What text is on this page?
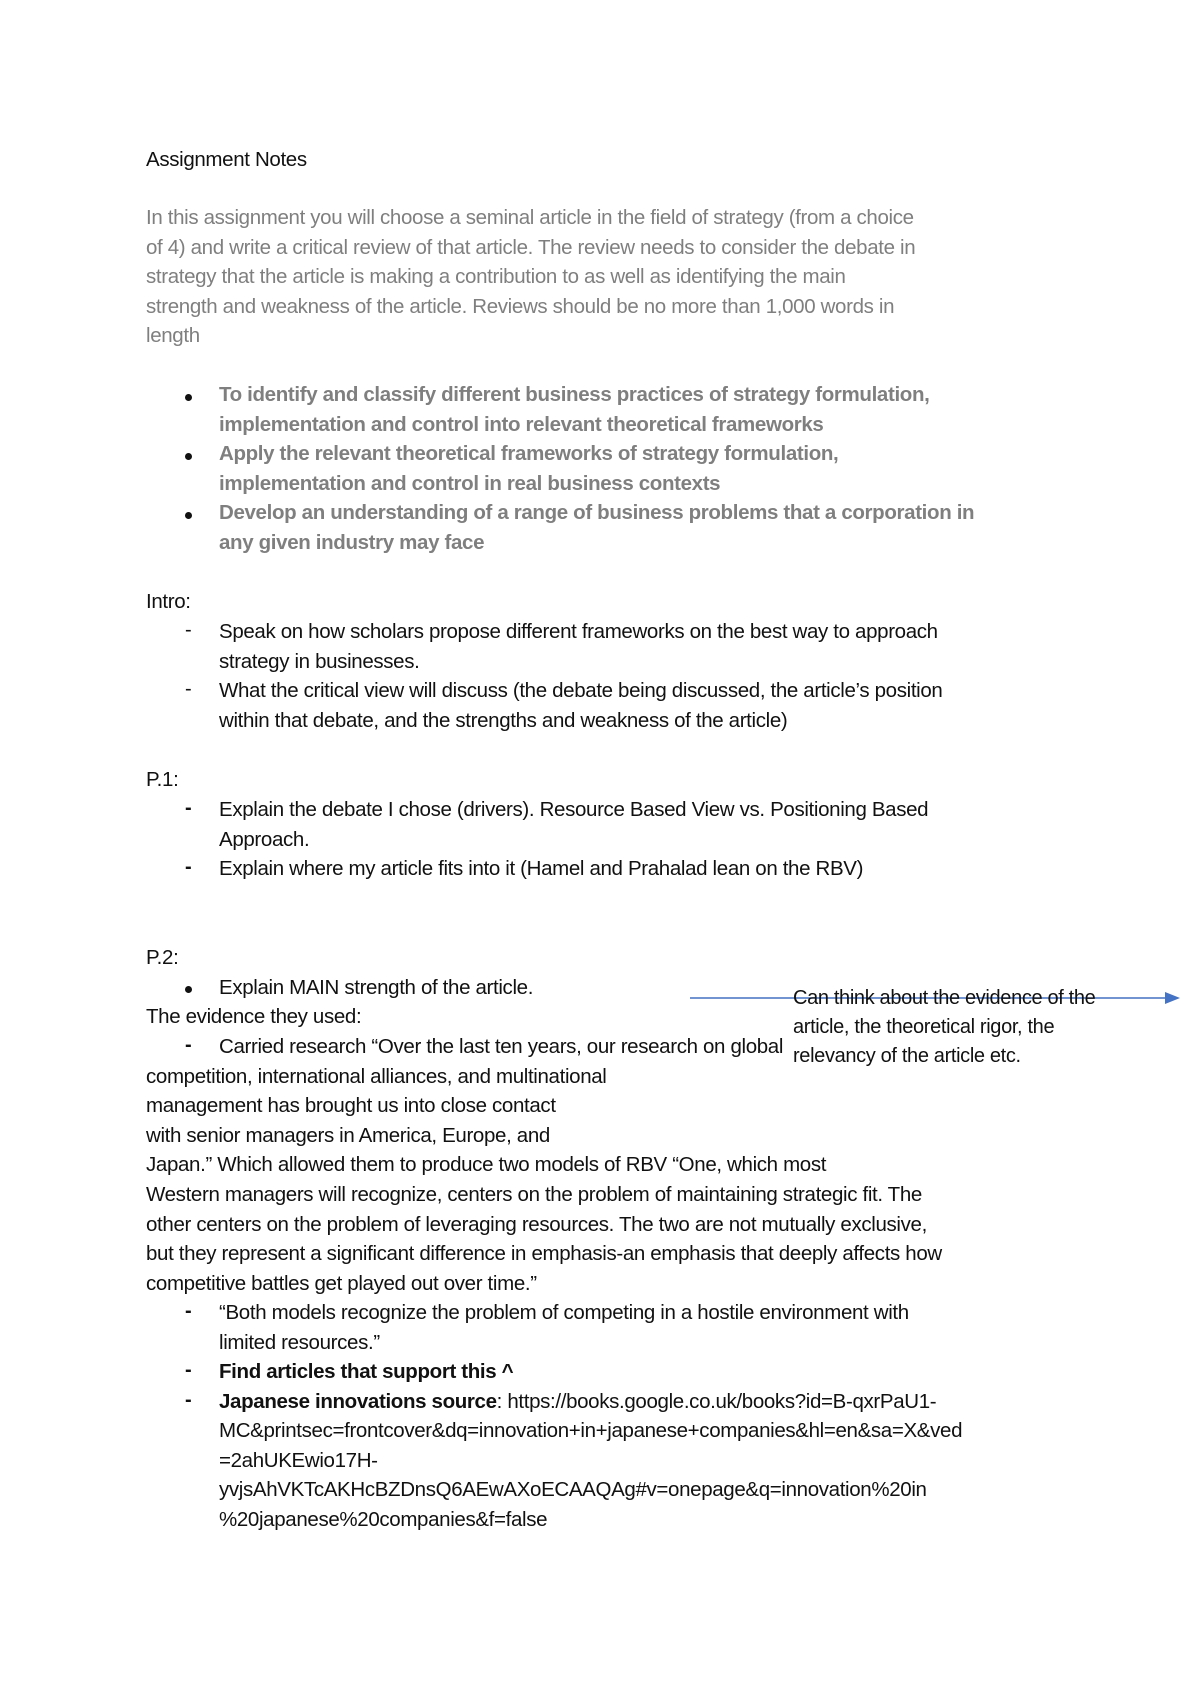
Assignment Notes
In this assignment you will choose a seminal article in the field of strategy (from a choice
of 4) and write a critical review of that article. The review needs to consider the debate in
strategy that the article is making a contribution to as well as identifying the main
strength and weakness of the article. Reviews should be no more than 1,000 words in
length
To identify and classify different business practices of strategy formulation,
implementation and control into relevant theoretical frameworks
Apply the relevant theoretical frameworks of strategy formulation,
implementation and control in real business contexts
Develop an understanding of a range of business problems that a corporation in
any given industry may face
Intro:
- Speak on how scholars propose different frameworks on the best way to approach
strategy in businesses.
- What the critical view will discuss (the debate being discussed, the article’s position
within that debate, and the strengths and weakness of the article)
P.1:
- Explain the debate I chose (drivers). Resource Based View vs. Positioning Based
Approach.
- Explain where my article fits into it (Hamel and Prahalad lean on the RBV)
P.2:
Explain MAIN strength of the article.
The evidence they used:
- Carried research “Over the last ten years, our research on global
competition, international alliances, and multinational
management has brought us into close contact
with senior managers in America, Europe, and
Japan.” Which allowed them to produce two models of RBV “One, which most
Western managers will recognize, centers on the problem of maintaining strategic fit. The
other centers on the problem of leveraging resources. The two are not mutually exclusive,
but they represent a significant difference in emphasis-an emphasis that deeply affects how
competitive battles get played out over time.”
- “Both models recognize the problem of competing in a hostile environment with
limited resources.”
- Find articles that support this ^
- Japanese innovations source: https://books.google.co.uk/books?id=B-qxrPaU1-
MC&printsec=frontcover&dq=innovation+in+japanese+companies&hl=en&sa=X&ved
=2ahUKEwio17H-
yvjsAhVKTcAKHcBZDnsQ6AEwAXoECAAQAg#v=onepage&q=innovation%20in
%20japanese%20companies&f=false
Can think about the evidence of the
article, the theoretical rigor, the
relevancy of the article etc.
